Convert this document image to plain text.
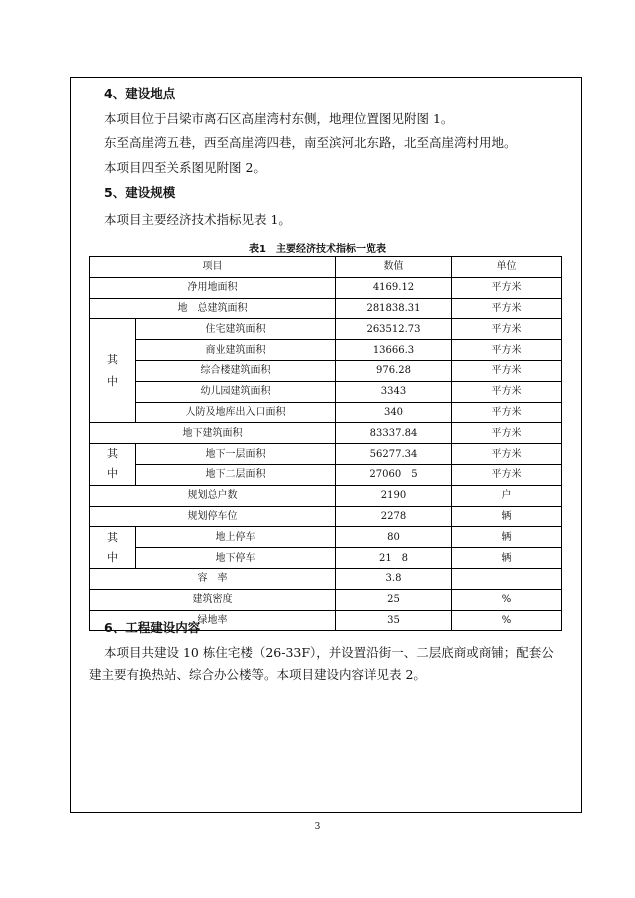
4、建设地点
本项目位于吕梁市离石区高崖湾村东侧，地理位置图见附图 1。
东至高崖湾五巷，西至高崖湾四巷，南至滨河北东路，北至高崖湾村用地。
本项目四至关系图见附图 2。
5、建设规模
本项目主要经济技术指标见表 1。
表1　主要经济技术指标一览表
项目		数值	单位
净用地面积		4169.12	平方米
地　总建筑面积		281838.31	平方米
其中	住宅建筑面积	263512.73	平方米
	商业建筑面积	13666.3	平方米
	综合楼建筑面积	976.28	平方米
	幼儿园建筑面积	3343	平方米
	人防及地库出入口面积	340	平方米
地下建筑面积		83337.84	平方米
其中	地下一层面积	56277.34	平方米
	地下二层面积	27060　5	平方米
规划总户数		2190	户
规划停车位		2278	辆
其中	地上停车	80	辆
	地下停车	21　8	辆
容　率		3.8	
建筑密度		25	%
绿地率		35	%
6、工程建设内容
本项目共建设 10 栋住宅楼（26-33F），并设置沿街一、二层底商或商铺；配套公建主要有换热站、综合办公楼等。本项目建设内容详见表 2。
3
